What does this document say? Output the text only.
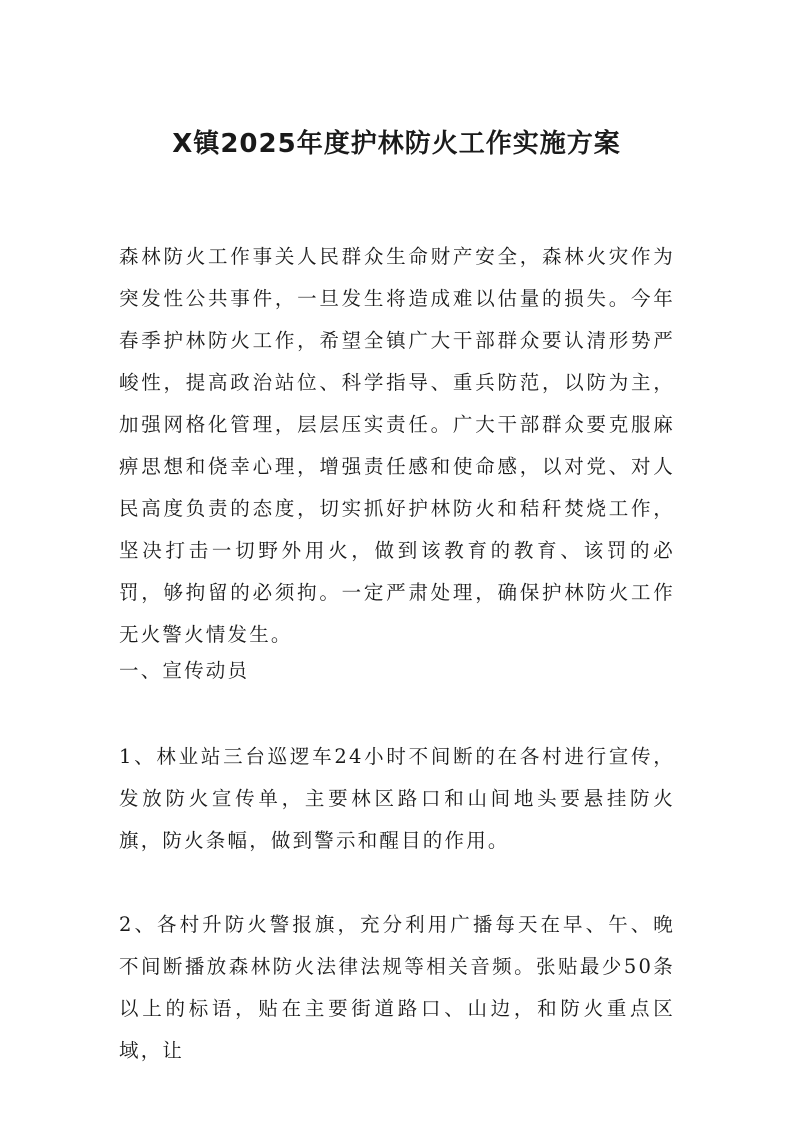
X镇2025年度护林防火工作实施方案

森林防火工作事关人民群众生命财产安全，森林火灾作为突发性公共事件，一旦发生将造成难以估量的损失。今年春季护林防火工作，希望全镇广大干部群众要认清形势严峻性，提高政治站位、科学指导、重兵防范，以防为主，加强网格化管理，层层压实责任。广大干部群众要克服麻痹思想和侥幸心理，增强责任感和使命感，以对党、对人民高度负责的态度，切实抓好护林防火和秸秆焚烧工作，坚决打击一切野外用火，做到该教育的教育、该罚的必罚，够拘留的必须拘。一定严肃处理，确保护林防火工作无火警火情发生。

一、宣传动员

1、林业站三台巡逻车24小时不间断的在各村进行宣传，发放防火宣传单，主要林区路口和山间地头要悬挂防火旗，防火条幅，做到警示和醒目的作用。

2、各村升防火警报旗，充分利用广播每天在早、午、晚不间断播放森林防火法律法规等相关音频。张贴最少50条以上的标语，贴在主要街道路口、山边，和防火重点区域，让
